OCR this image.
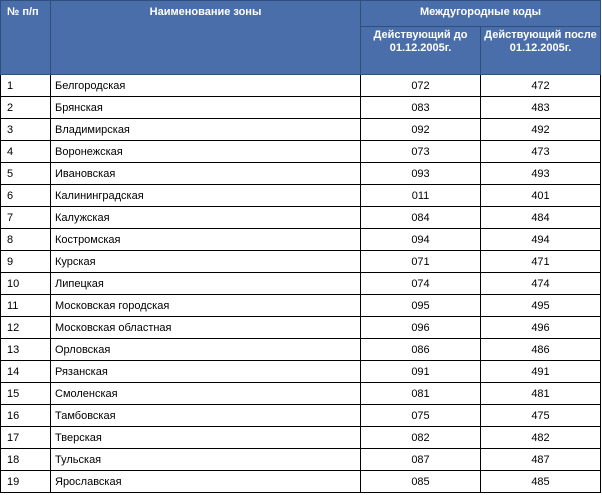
№ п/п	Наименование зоны	Междугородные коды	
		Действующий до 01.12.2005г.	Действующий после 01.12.2005г.
1	Белгородская	072	472
2	Брянская	083	483
3	Владимирская	092	492
4	Воронежская	073	473
5	Ивановская	093	493
6	Калининградская	011	401
7	Калужская	084	484
8	Костромская	094	494
9	Курская	071	471
10	Липецкая	074	474
11	Московская городская	095	495
12	Московская областная	096	496
13	Орловская	086	486
14	Рязанская	091	491
15	Смоленская	081	481
16	Тамбовская	075	475
17	Тверская	082	482
18	Тульская	087	487
19	Ярославская	085	485
